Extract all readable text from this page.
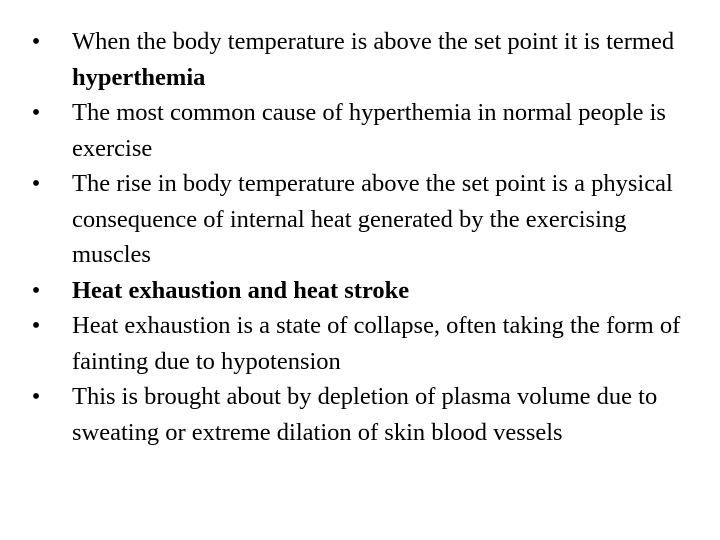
• When the body temperature is above the set point it is termed hyperthemia
• The most common cause of hyperthemia in normal people is exercise
• The rise in body temperature above the set point is a physical consequence of internal heat generated by the exercising muscles
• Heat exhaustion and heat stroke
• Heat exhaustion is a state of collapse, often taking the form of fainting due to hypotension
• This is brought about by depletion of plasma volume due to sweating or extreme dilation of skin blood vessels
